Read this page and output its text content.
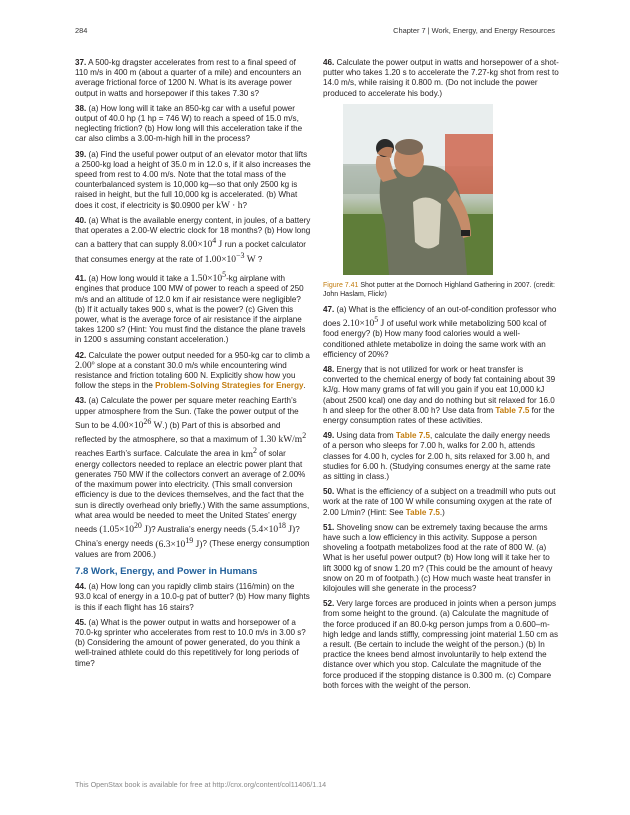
284	Chapter 7 | Work, Energy, and Energy Resources

37. A 500-kg dragster accelerates from rest to a final speed of 110 m/s in 400 m (about a quarter of a mile) and encounters an average frictional force of 1200 N. What is its average power output in watts and horsepower if this takes 7.30 s?

38. (a) How long will it take an 850-kg car with a useful power output of 40.0 hp (1 hp = 746 W) to reach a speed of 15.0 m/s, neglecting friction? (b) How long will this acceleration take if the car also climbs a 3.00-m-high hill in the process?

39. (a) Find the useful power output of an elevator motor that lifts a 2500-kg load a height of 35.0 m in 12.0 s, if it also increases the speed from rest to 4.00 m/s. Note that the total mass of the counterbalanced system is 10,000 kg—so that only 2500 kg is raised in height, but the full 10,000 kg is accelerated. (b) What does it cost, if electricity is $0.0900 per kW · h?

40. (a) What is the available energy content, in joules, of a battery that operates a 2.00-W electric clock for 18 months? (b) How long can a battery that can supply $8.00\times 10^4$ J run a pocket calculator that consumes energy at the rate of $1.00\times 10^{-3}$ W ?

41. (a) How long would it take a $1.50\times 10^5-kg$ airplane with engines that produce 100 MW of power to reach a speed of 250 m/s and an altitude of 12.0 km if air resistance were negligible? (b) If it actually takes 900 s, what is the power? (c) Given this power, what is the average force of air resistance if the airplane takes 1200 s? (Hint: You must find the distance the plane travels in 1200 s assuming constant acceleration.)

42. Calculate the power output needed for a 950-kg car to climb a 2.00º slope at a constant 30.0 m/s while encountering wind resistance and friction totaling 600 N. Explicitly show how you follow the steps in the Problem-Solving Strategies for Energy.

43. (a) Calculate the power per square meter reaching Earth’s upper atmosphere from the Sun. (Take the power output of the Sun to be $4.00\times 10^{26}$ W.) (b) Part of this is absorbed and reflected by the atmosphere, so that a maximum of 1.30 $kW/m^2$ reaches Earth’s surface. Calculate the area in $km^2$ of solar energy collectors needed to replace an electric power plant that generates 750 MW if the collectors convert an average of 2.00% of the maximum power into electricity. (This small conversion efficiency is due to the devices themselves, and the fact that the sun is directly overhead only briefly.) With the same assumptions, what area would be needed to meet the United States’ energy needs ($1.05\times 10^{20}$ J)? Australia’s energy needs ($5.4\times 10^{18}$ J)? China’s energy needs ($6.3\times 10^{19}$ J)? (These energy consumption values are from 2006.)

7.8 Work, Energy, and Power in Humans

44. (a) How long can you rapidly climb stairs (116/min) on the 93.0 kcal of energy in a 10.0-g pat of butter? (b) How many flights is this if each flight has 16 stairs?

45. (a) What is the power output in watts and horsepower of a 70.0-kg sprinter who accelerates from rest to 10.0 m/s in 3.00 s? (b) Considering the amount of power generated, do you think a well-trained athlete could do this repetitively for long periods of time?

46. Calculate the power output in watts and horsepower of a shot-putter who takes 1.20 s to accelerate the 7.27-kg shot from rest to 14.0 m/s, while raising it 0.800 m. (Do not include the power produced to accelerate his body.)

Figure 7.41 Shot putter at the Dornoch Highland Gathering in 2007. (credit: John Haslam, Flickr)

47. (a) What is the efficiency of an out-of-condition professor who does $2.10\times 10^5$ J of useful work while metabolizing 500 kcal of food energy? (b) How many food calories would a well-conditioned athlete metabolize in doing the same work with an efficiency of 20%?

48. Energy that is not utilized for work or heat transfer is converted to the chemical energy of body fat containing about 39 kJ/g. How many grams of fat will you gain if you eat 10,000 kJ (about 2500 kcal) one day and do nothing but sit relaxed for 16.0 h and sleep for the other 8.00 h? Use data from Table 7.5 for the energy consumption rates of these activities.

49. Using data from Table 7.5, calculate the daily energy needs of a person who sleeps for 7.00 h, walks for 2.00 h, attends classes for 4.00 h, cycles for 2.00 h, sits relaxed for 3.00 h, and studies for 6.00 h. (Studying consumes energy at the same rate as sitting in class.)

50. What is the efficiency of a subject on a treadmill who puts out work at the rate of 100 W while consuming oxygen at the rate of 2.00 L/min? (Hint: See Table 7.5.)

51. Shoveling snow can be extremely taxing because the arms have such a low efficiency in this activity. Suppose a person shoveling a footpath metabolizes food at the rate of 800 W. (a) What is her useful power output? (b) How long will it take her to lift 3000 kg of snow 1.20 m? (This could be the amount of heavy snow on 20 m of footpath.) (c) How much waste heat transfer in kilojoules will she generate in the process?

52. Very large forces are produced in joints when a person jumps from some height to the ground. (a) Calculate the magnitude of the force produced if an 80.0-kg person jumps from a 0.600–m-high ledge and lands stiffly, compressing joint material 1.50 cm as a result. (Be certain to include the weight of the person.) (b) In practice the knees bend almost involuntarily to help extend the distance over which you stop. Calculate the magnitude of the force produced if the stopping distance is 0.300 m. (c) Compare both forces with the weight of the person.

This OpenStax book is available for free at http://cnx.org/content/col11406/1.14
